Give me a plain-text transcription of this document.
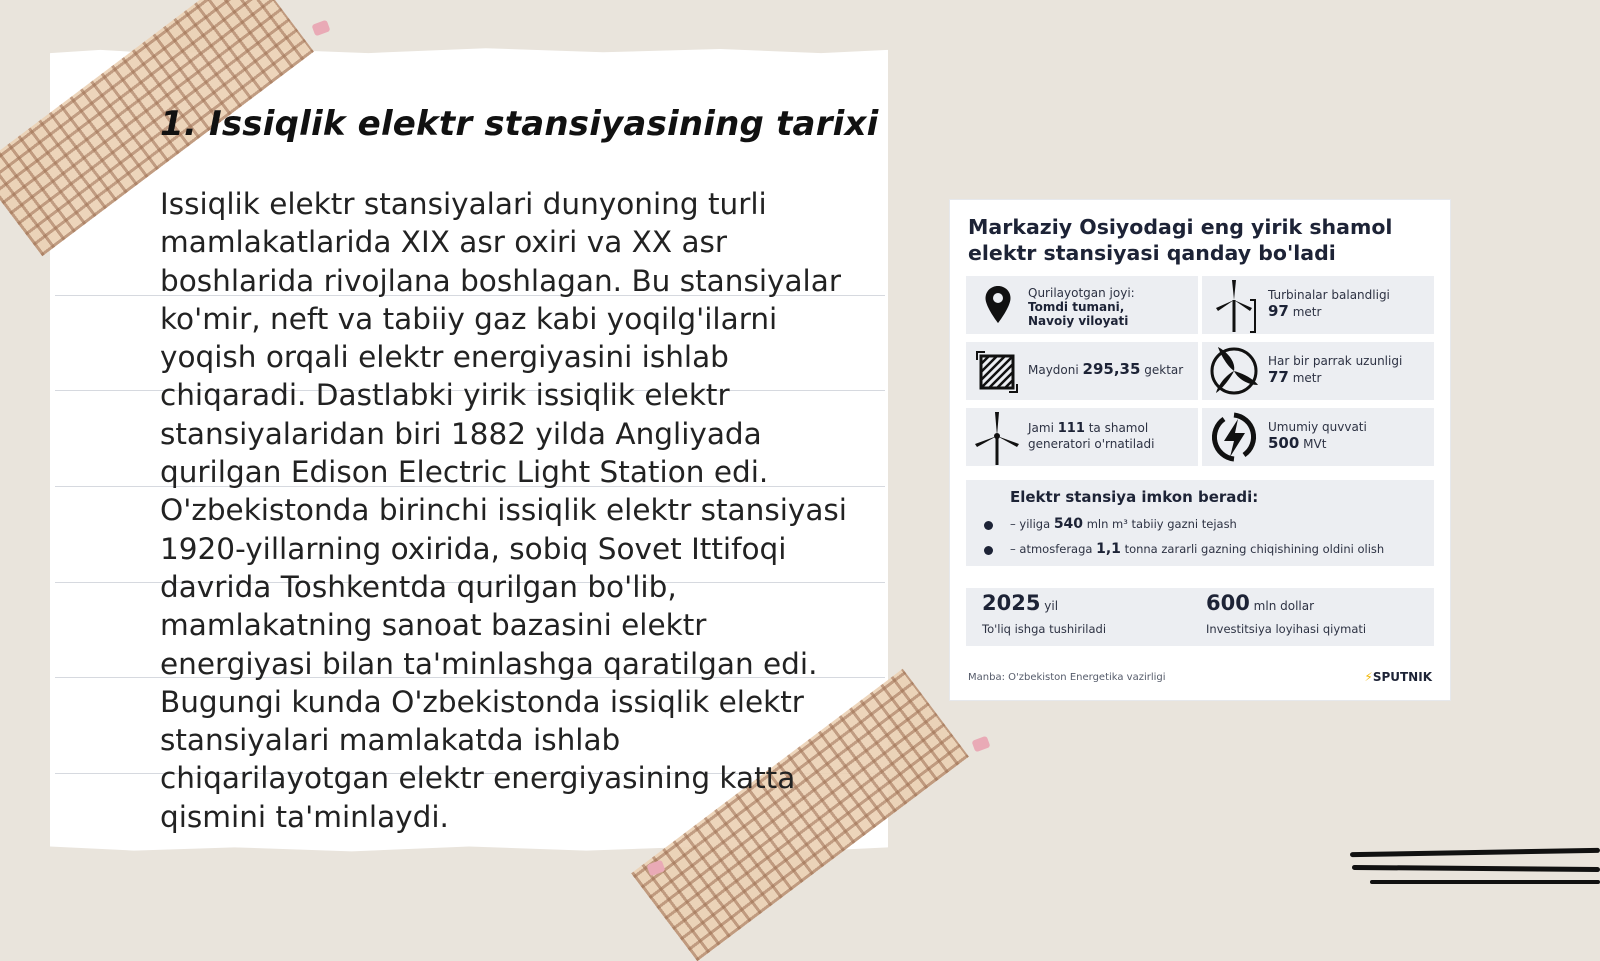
1. Issiqlik elektr stansiyasining tarixi

Issiqlik elektr stansiyalari dunyoning turli mamlakatlarida XIX asr oxiri va XX asr boshlarida rivojlana boshlagan. Bu stansiyalar ko'mir, neft va tabiiy gaz kabi yoqilg'ilarni yoqish orqali elektr energiyasini ishlab chiqaradi. Dastlabki yirik issiqlik elektr stansiyalaridan biri 1882 yilda Angliyada qurilgan Edison Electric Light Station edi. O'zbekistonda birinchi issiqlik elektr stansiyasi 1920-yillarning oxirida, sobiq Sovet Ittifoqi davrida Toshkentda qurilgan bo'lib, mamlakatning sanoat bazasini elektr energiyasi bilan ta'minlashga qaratilgan edi. Bugungi kunda O'zbekistonda issiqlik elektr stansiyalari mamlakatda ishlab chiqarilayotgan elektr energiyasining katta qismini ta'minlaydi.

Markaziy Osiyodagi eng yirik shamol elektr stansiyasi qanday bo'ladi
Qurilayotgan joyi:
Tomdi tumani,
Navoiy viloyati
Turbinalar balandligi
97 metr
Maydoni 295,35 gektar
Har bir parrak uzunligi
77 metr
Jami 111 ta shamol
generatori o'rnatiladi
Umumiy quvvati
500 MVt
Elektr stansiya imkon beradi:
– yiliga 540 mln m³ tabiiy gazni tejash
– atmosferaga 1,1 tonna zararli gazning chiqishining oldini olish
2025 yil
To'liq ishga tushiriladi
600 mln dollar
Investitsiya loyihasi qiymati
Manba: O'zbekiston Energetika vazirligi	⚡SPUTNIK
